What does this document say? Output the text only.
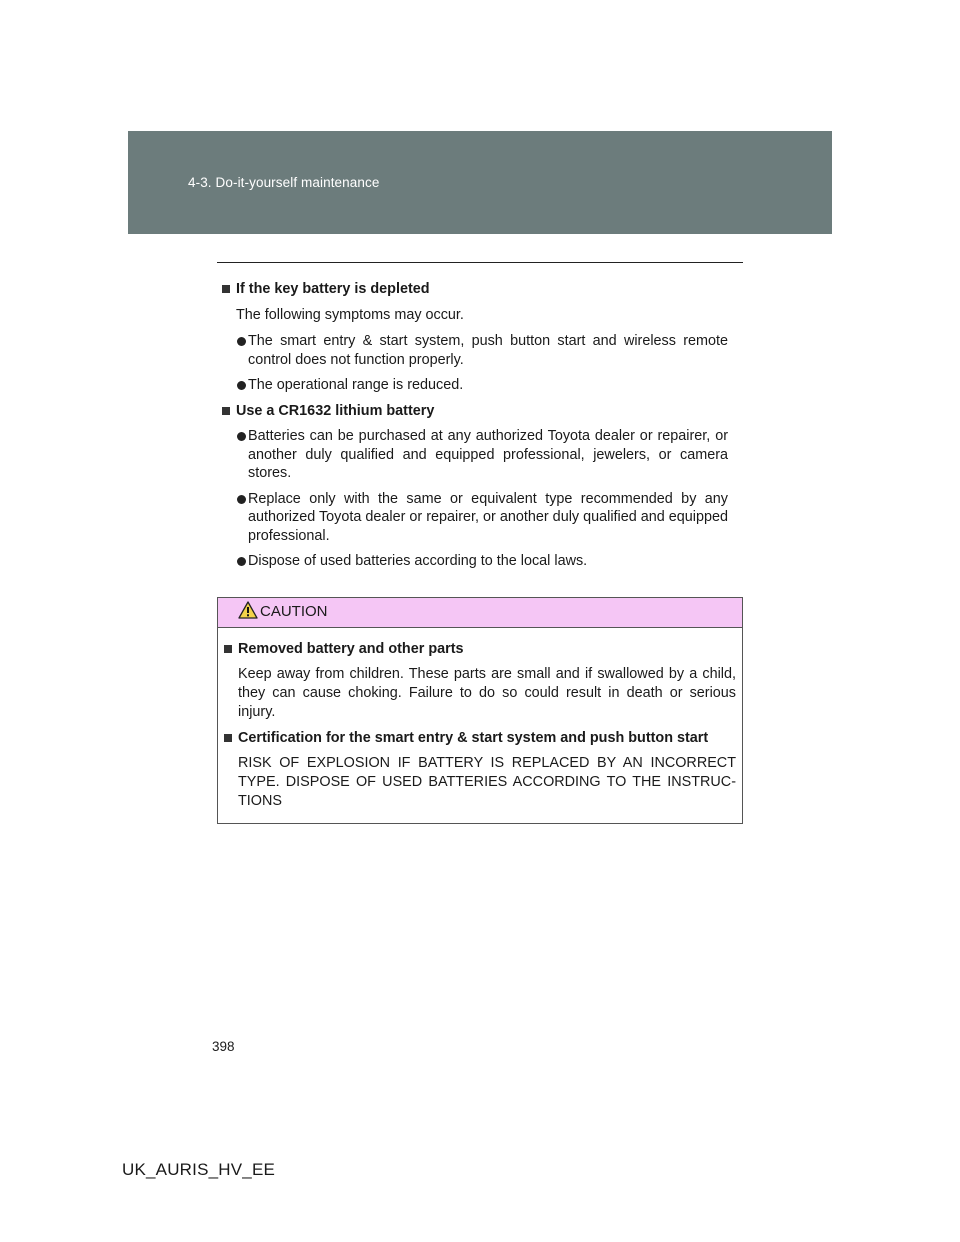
4-3. Do-it-yourself maintenance
If the key battery is depleted
The following symptoms may occur.
The smart entry & start system, push button start and wireless remote control does not function properly.
The operational range is reduced.
Use a CR1632 lithium battery
Batteries can be purchased at any authorized Toyota dealer or repairer, or another duly qualified and equipped professional, jewelers, or camera stores.
Replace only with the same or equivalent type recommended by any authorized Toyota dealer or repairer, or another duly qualified and equipped professional.
Dispose of used batteries according to the local laws.
CAUTION
Removed battery and other parts
Keep away from children. These parts are small and if swallowed by a child, they can cause choking. Failure to do so could result in death or serious injury.
Certification for the smart entry & start system and push button start
RISK OF EXPLOSION IF BATTERY IS REPLACED BY AN INCORRECT TYPE. DISPOSE OF USED BATTERIES ACCORDING TO THE INSTRUC-TIONS
398
UK_AURIS_HV_EE
